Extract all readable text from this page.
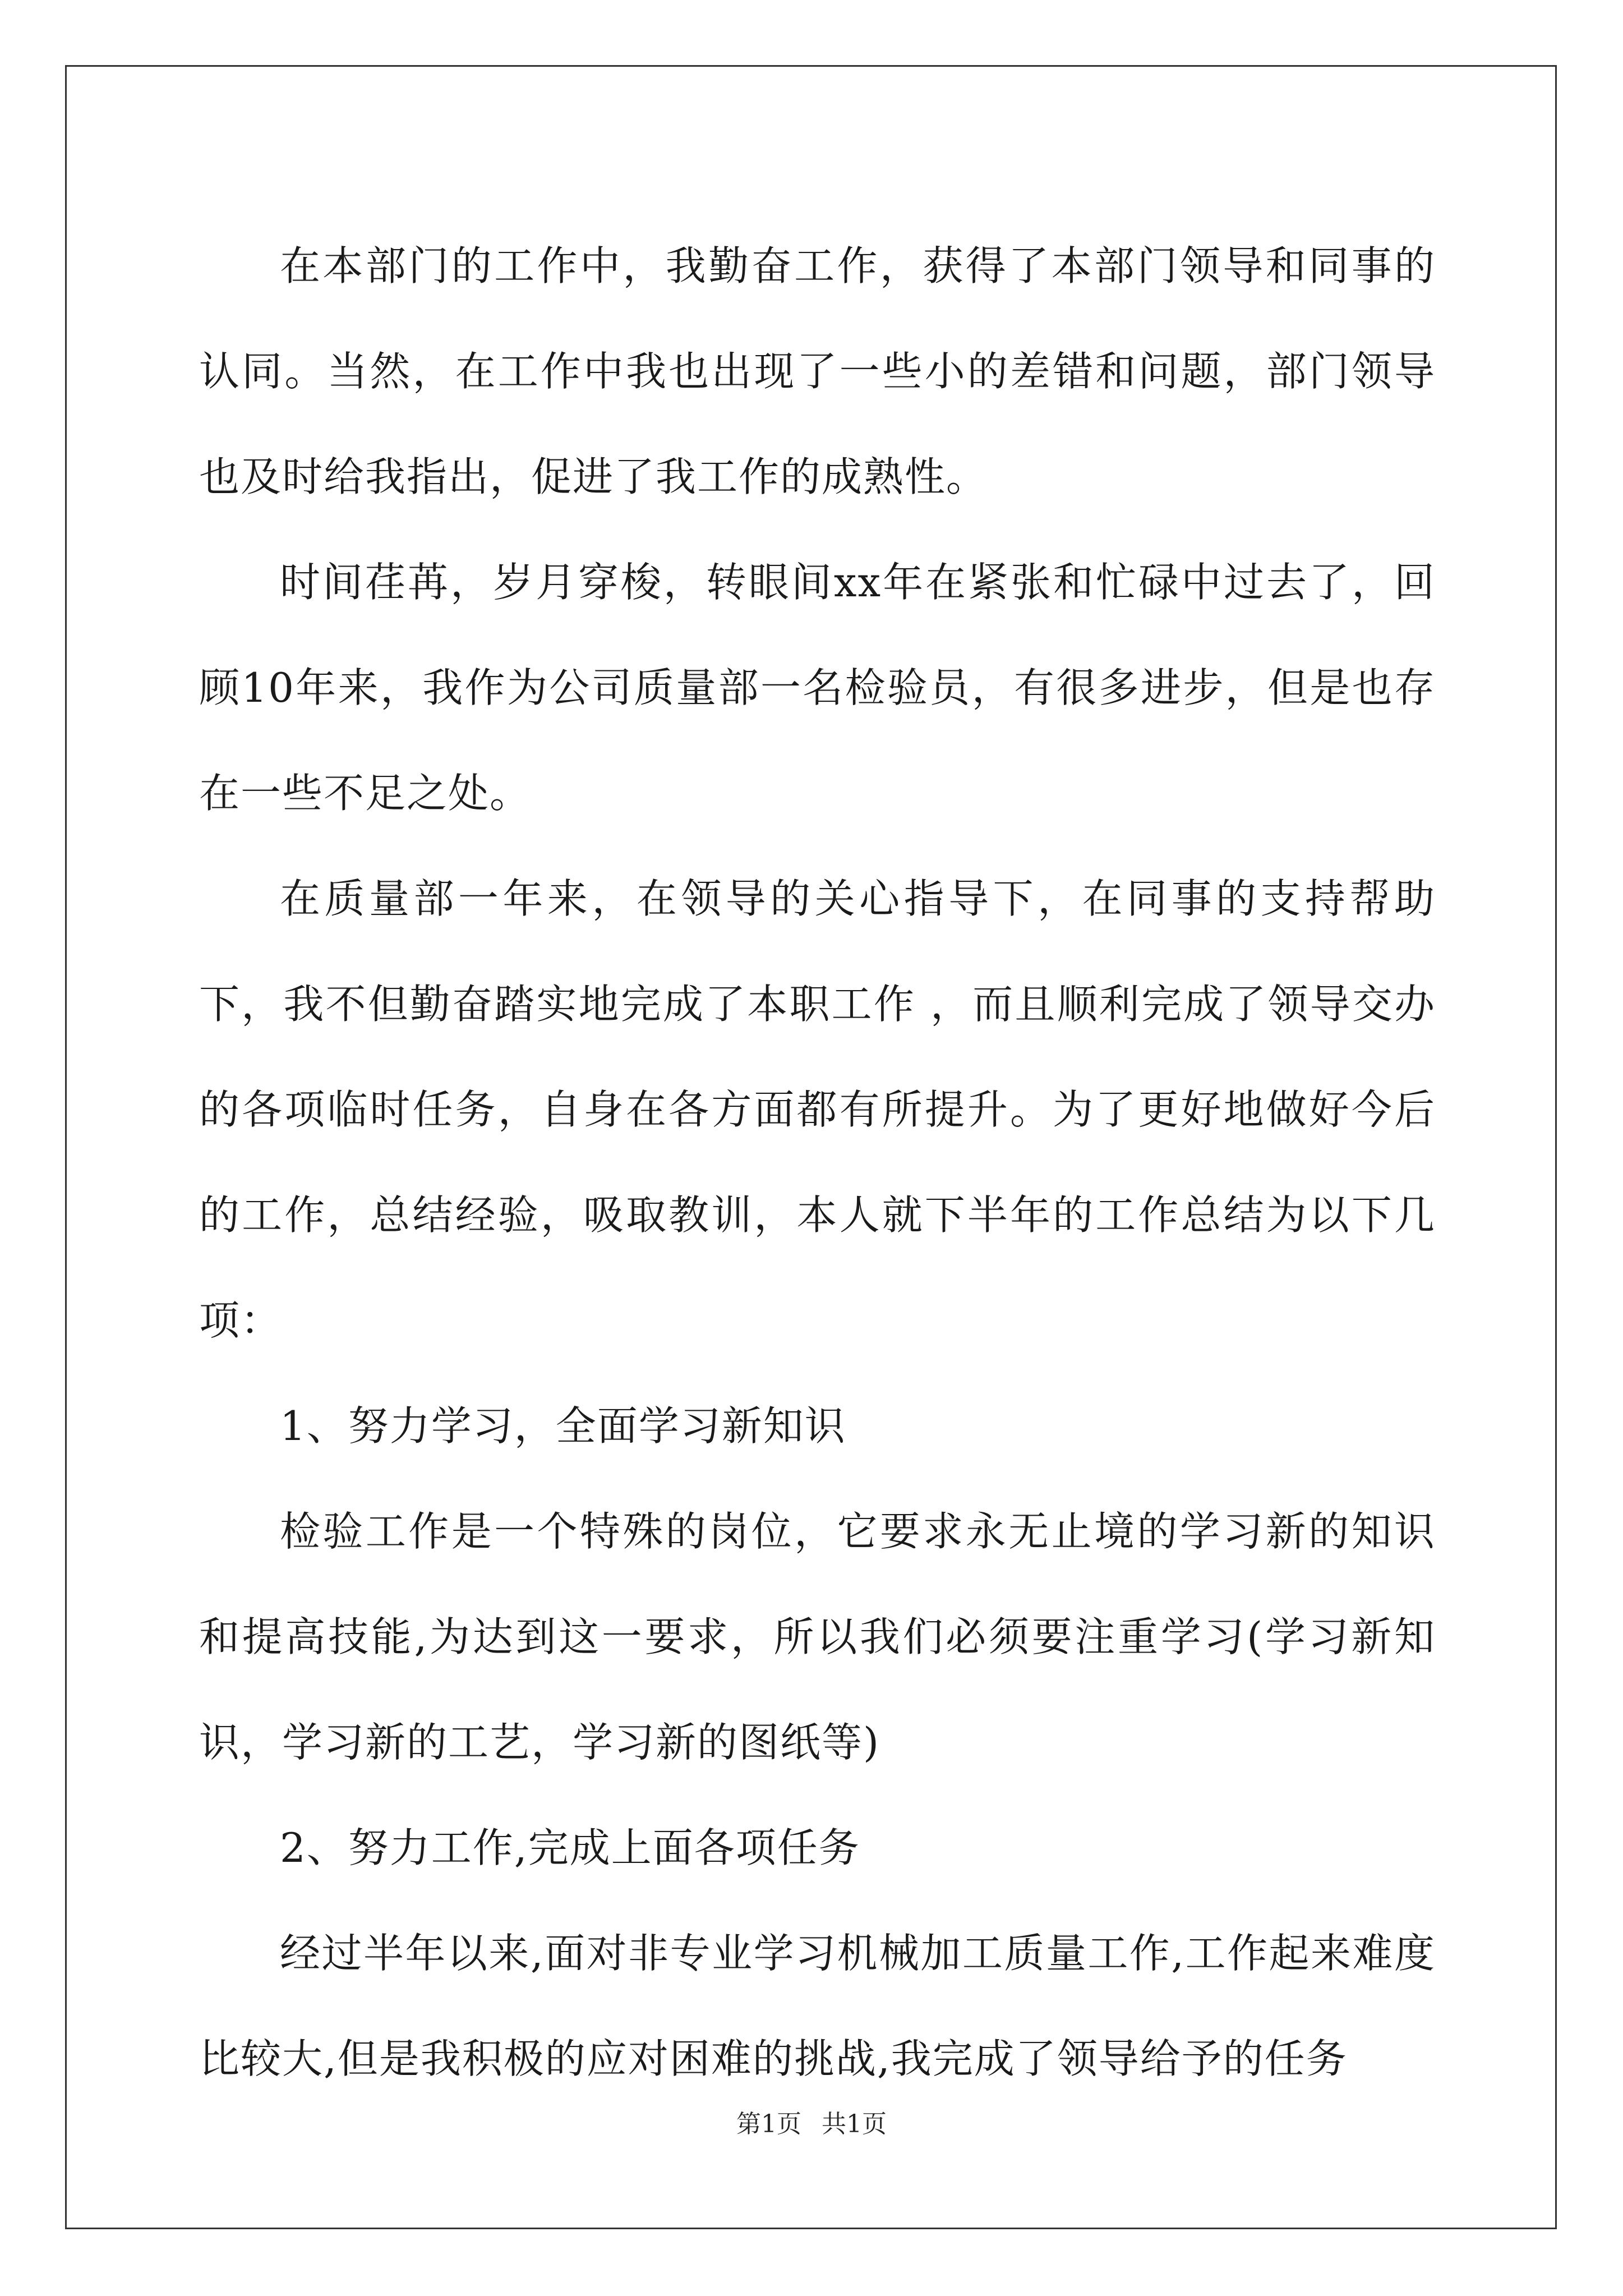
在本部门的工作中，我勤奋工作，获得了本部门领导和同事的认同。当然，在工作中我也出现了一些小的差错和问题，部门领导也及时给我指出，促进了我工作的成熟性。

时间荏苒，岁月穿梭，转眼间xx年在紧张和忙碌中过去了，回顾10年来，我作为公司质量部一名检验员，有很多进步，但是也存在一些不足之处。

在质量部一年来，在领导的关心指导下，在同事的支持帮助下，我不但勤奋踏实地完成了本职工作 ，而且顺利完成了领导交办的各项临时任务，自身在各方面都有所提升。为了更好地做好今后的工作，总结经验，吸取教训，本人就下半年的工作总结为以下几项：

1、努力学习，全面学习新知识

检验工作是一个特殊的岗位，它要求永无止境的学习新的知识和提高技能,为达到这一要求，所以我们必须要注重学习(学习新知识，学习新的工艺，学习新的图纸等)

2、努力工作,完成上面各项任务

经过半年以来,面对非专业学习机械加工质量工作,工作起来难度比较大,但是我积极的应对困难的挑战,我完成了领导给予的任务

第1页 共1页
